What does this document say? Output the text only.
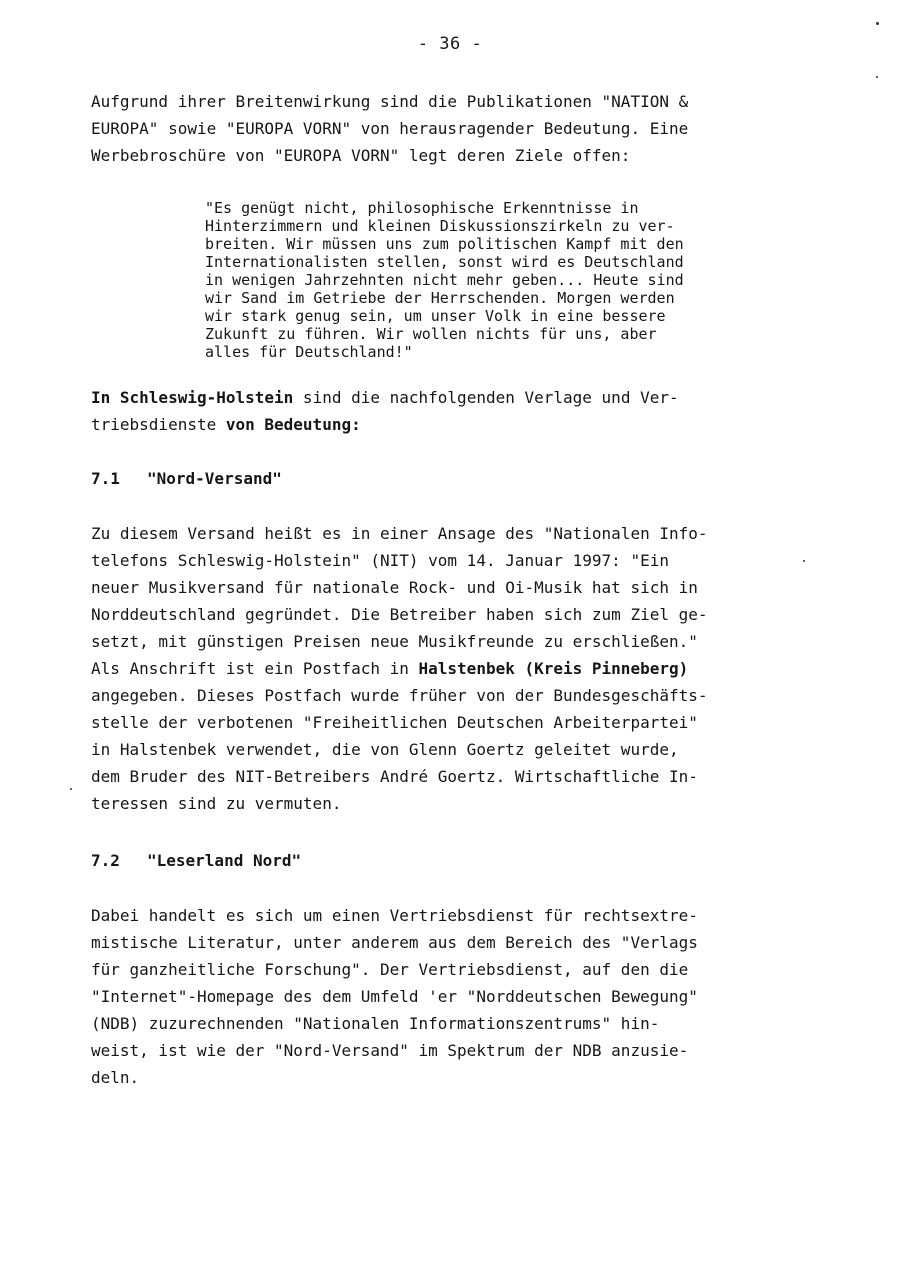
- 36 -
Aufgrund ihrer Breitenwirkung sind die Publikationen "NATION &
EUROPA" sowie "EUROPA VORN" von herausragender Bedeutung. Eine
Werbebroschüre von "EUROPA VORN" legt deren Ziele offen:
"Es genügt nicht, philosophische Erkenntnisse in
Hinterzimmern und kleinen Diskussionszirkeln zu ver-
breiten. Wir müssen uns zum politischen Kampf mit den
Internationalisten stellen, sonst wird es Deutschland
in wenigen Jahrzehnten nicht mehr geben... Heute sind
wir Sand im Getriebe der Herrschenden. Morgen werden
wir stark genug sein, um unser Volk in eine bessere
Zukunft zu führen. Wir wollen nichts für uns, aber
alles für Deutschland!"
In Schleswig-Holstein sind die nachfolgenden Verlage und Ver-
triebsdienste von Bedeutung:
7.1 "Nord-Versand"
Zu diesem Versand heißt es in einer Ansage des "Nationalen Info-
telefons Schleswig-Holstein" (NIT) vom 14. Januar 1997: "Ein
neuer Musikversand für nationale Rock- und Oi-Musik hat sich in
Norddeutschland gegründet. Die Betreiber haben sich zum Ziel ge-
setzt, mit günstigen Preisen neue Musikfreunde zu erschließen."
Als Anschrift ist ein Postfach in Halstenbek (Kreis Pinneberg)
angegeben. Dieses Postfach wurde früher von der Bundesgeschäfts-
stelle der verbotenen "Freiheitlichen Deutschen Arbeiterpartei"
in Halstenbek verwendet, die von Glenn Goertz geleitet wurde,
dem Bruder des NIT-Betreibers André Goertz. Wirtschaftliche In-
teressen sind zu vermuten.
7.2 "Leserland Nord"
Dabei handelt es sich um einen Vertriebsdienst für rechtsextre-
mistische Literatur, unter anderem aus dem Bereich des "Verlags
für ganzheitliche Forschung". Der Vertriebsdienst, auf den die
"Internet"-Homepage des dem Umfeld 'er "Norddeutschen Bewegung"
(NDB) zuzurechnenden "Nationalen Informationszentrums" hin-
weist, ist wie der "Nord-Versand" im Spektrum der NDB anzusie-
deln.
